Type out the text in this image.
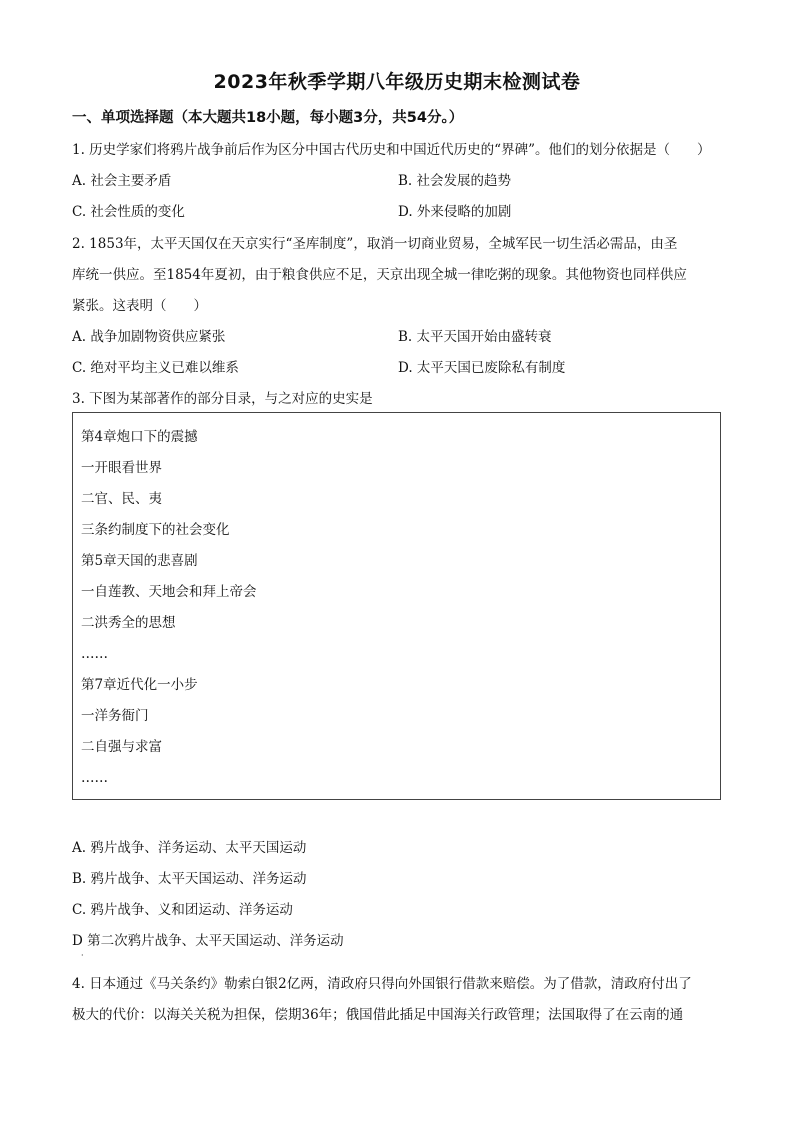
2023年秋季学期八年级历史期末检测试卷
一、单项选择题（本大题共18小题，每小题3分，共54分。）
1. 历史学家们将鸦片战争前后作为区分中国古代历史和中国近代历史的“界碑”。他们的划分依据是（　　）
A. 社会主要矛盾	B. 社会发展的趋势
C. 社会性质的变化	D. 外来侵略的加剧
2. 1853年，太平天国仅在天京实行“圣库制度”，取消一切商业贸易，全城军民一切生活必需品，由圣
库统一供应。至1854年夏初，由于粮食供应不足，天京出现全城一律吃粥的现象。其他物资也同样供应
紧张。这表明（　　）
A. 战争加剧物资供应紧张	B. 太平天国开始由盛转衰
C. 绝对平均主义已难以维系	D. 太平天国已废除私有制度
3. 下图为某部著作的部分目录，与之对应的史实是
第4章炮口下的震撼
一开眼看世界
二官、民、夷
三条约制度下的社会变化
第5章天国的悲喜剧
一自莲教、天地会和拜上帝会
二洪秀全的思想
……
第7章近代化一小步
一洋务衙门
二自强与求富
……
A. 鸦片战争、洋务运动、太平天国运动
B. 鸦片战争、太平天国运动、洋务运动
C. 鸦片战争、义和团运动、洋务运动
D 第二次鸦片战争、太平天国运动、洋务运动
·
4. 日本通过《马关条约》勒索白银2亿两，清政府只得向外国银行借款来赔偿。为了借款，清政府付出了
极大的代价：以海关关税为担保，偿期36年；俄国借此插足中国海关行政管理；法国取得了在云南的通
